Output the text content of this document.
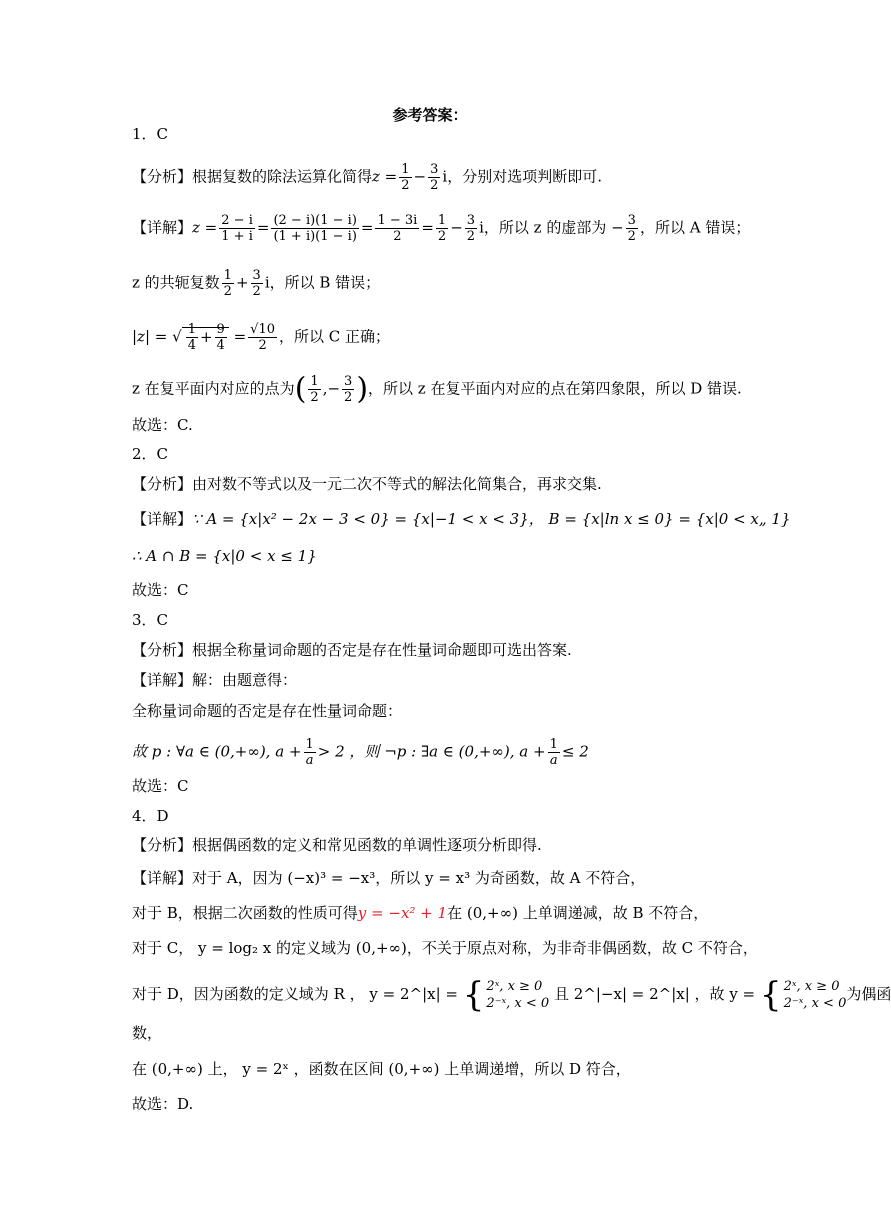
参考答案：
1．C
【分析】根据复数的除法运算化简得$z = \frac{1}{2} - \frac{3}{2}$ i，分别对选项判断即可.
【详解】$z = \frac{2 - i}{1 + i} = \frac{(2 - i)(1 - i)}{(1 + i)(1 - i)} = \frac{1 - 3i}{2} = \frac{1}{2} - \frac{3}{2}$ i，所以 z 的虚部为 − $\frac{3}{2}$ ，所以 A 错误；
z 的共轭复数 $\frac{1}{2} + \frac{3}{2}$ i，所以 B 错误；
|z| = √ $\frac{1}{4} + \frac{9}{4} = \frac{√10}{2}$ ，所以 C 正确；
z 在复平面内对应的点为( $\frac{1}{2}$ ,− $\frac{3}{2}$ )，所以 z 在复平面内对应的点在第四象限，所以 D 错误.
故选：C.
2．C
【分析】由对数不等式以及一元二次不等式的解法化简集合，再求交集.
【详解】∵ A = {x|x² − 2x − 3 < 0} = {x|−1 < x < 3}， B = {x|ln x ≤ 0} = {x|0 < x„ 1}
∴ A ∩ B = {x|0 < x ≤ 1}
故选：C
3．C
【分析】根据全称量词命题的否定是存在性量词命题即可选出答案.
【详解】解：由题意得：
全称量词命题的否定是存在性量词命题：
故 p : ∀a ∈ (0,+∞), $a + \frac{1}{a} > 2$ ，则 ¬p : ∃a ∈ (0,+∞), $a + \frac{1}{a} \le 2$
故选：C
4．D
【分析】根据偶函数的定义和常见函数的单调性逐项分析即得.
【详解】对于 A，因为 (−x)³ = −x³，所以 y = x³ 为奇函数，故 A 不符合，
对于 B，根据二次函数的性质可得y = −x² + 1在 (0,+∞) 上单调递减，故 B 不符合，
对于 C， y = log₂ x 的定义域为 (0,+∞)，不关于原点对称，为非奇非偶函数，故 C 不符合，
对于 D，因为函数的定义域为 R ， y = 2^|x| = { 2ˣ, x ≥ 0
2⁻ˣ, x < 0
且 2^|−x| = 2^|x| ，故 y = { 2ˣ, x ≥ 0
2⁻ˣ, x < 0
为偶函
数，
在 (0,+∞) 上， y = 2ˣ ，函数在区间 (0,+∞) 上单调递增，所以 D 符合，
故选：D.
